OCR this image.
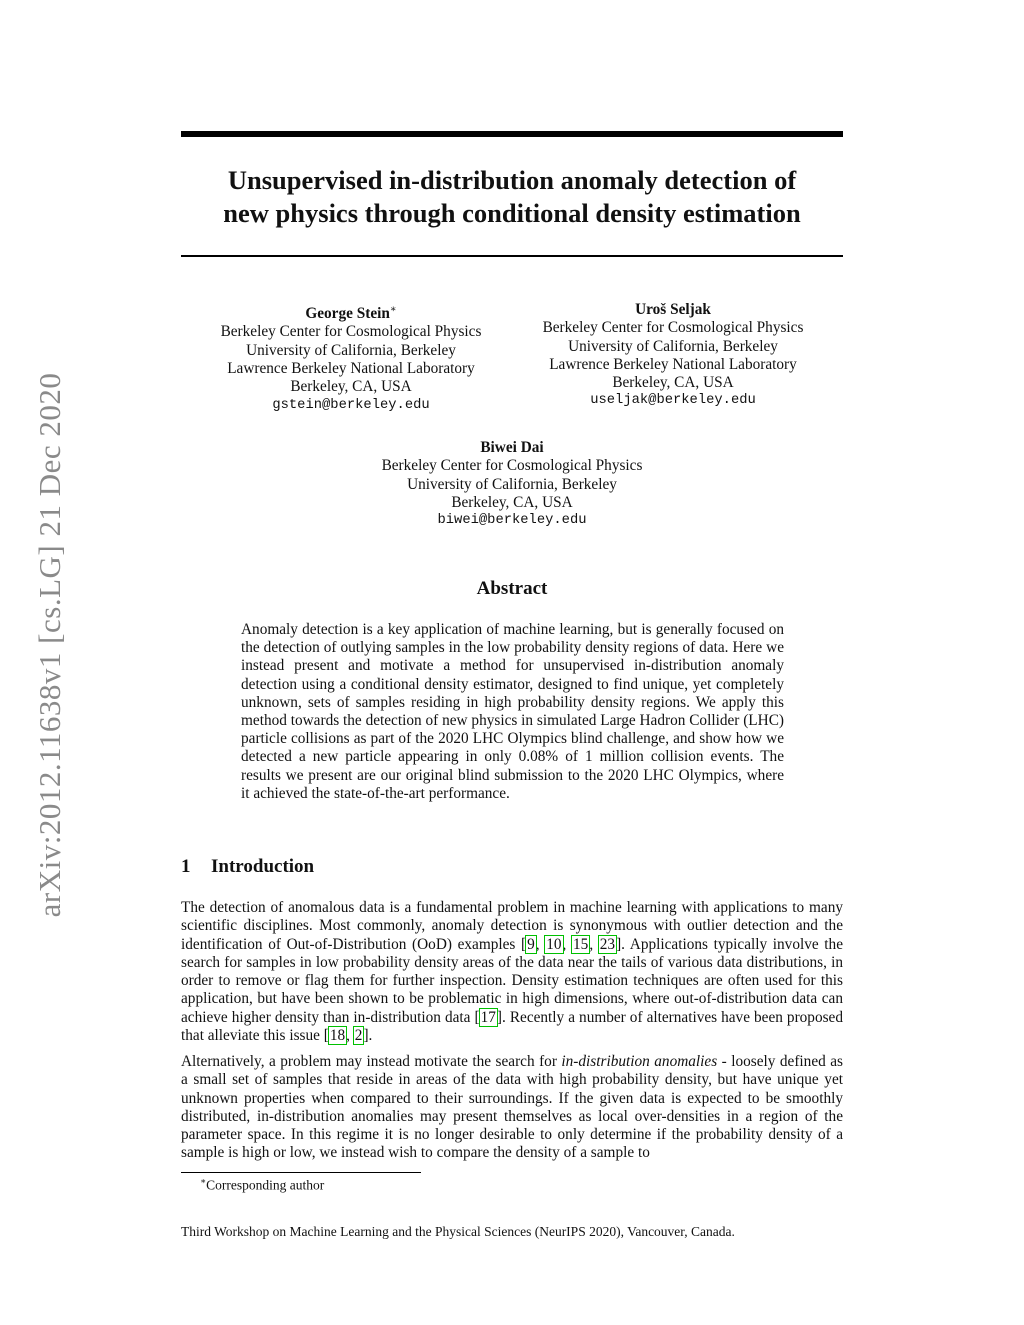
arXiv:2012.11638v1 [cs.LG] 21 Dec 2020
Unsupervised in-distribution anomaly detection of
new physics through conditional density estimation
George Stein∗
Berkeley Center for Cosmological Physics
University of California, Berkeley
Lawrence Berkeley National Laboratory
Berkeley, CA, USA
gstein@berkeley.edu
Uroš Seljak
Berkeley Center for Cosmological Physics
University of California, Berkeley
Lawrence Berkeley National Laboratory
Berkeley, CA, USA
useljak@berkeley.edu
Biwei Dai
Berkeley Center for Cosmological Physics
University of California, Berkeley
Berkeley, CA, USA
biwei@berkeley.edu
Abstract
Anomaly detection is a key application of machine learning, but is generally focused on the detection of outlying samples in the low probability density regions of data. Here we instead present and motivate a method for unsupervised in-distribution anomaly detection using a conditional density estimator, designed to find unique, yet completely unknown, sets of samples residing in high probability density regions. We apply this method towards the detection of new physics in simulated Large Hadron Collider (LHC) particle collisions as part of the 2020 LHC Olympics blind challenge, and show how we detected a new particle appearing in only 0.08% of 1 million collision events. The results we present are our original blind submission to the 2020 LHC Olympics, where it achieved the state-of-the-art performance.
1 Introduction
The detection of anomalous data is a fundamental problem in machine learning with applications to many scientific disciplines. Most commonly, anomaly detection is synonymous with outlier detection and the identification of Out-of-Distribution (OoD) examples [9, 10, 15, 23]. Applications typically involve the search for samples in low probability density areas of the data near the tails of various data distributions, in order to remove or flag them for further inspection. Density estimation techniques are often used for this application, but have been shown to be problematic in high dimensions, where out-of-distribution data can achieve higher density than in-distribution data [17]. Recently a number of alternatives have been proposed that alleviate this issue [18, 2].
Alternatively, a problem may instead motivate the search for in-distribution anomalies - loosely defined as a small set of samples that reside in areas of the data with high probability density, but have unique yet unknown properties when compared to their surroundings. If the given data is expected to be smoothly distributed, in-distribution anomalies may present themselves as local over-densities in a region of the parameter space. In this regime it is no longer desirable to only determine if the probability density of a sample is high or low, we instead wish to compare the density of a sample to
∗Corresponding author
Third Workshop on Machine Learning and the Physical Sciences (NeurIPS 2020), Vancouver, Canada.
